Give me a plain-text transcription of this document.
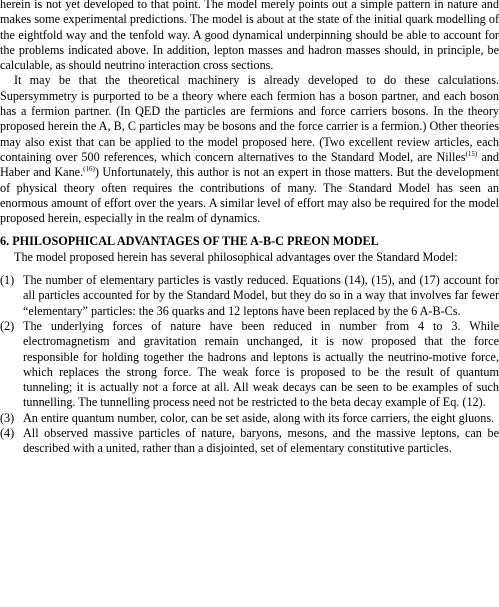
herein is not yet developed to that point. The model merely points out a simple pattern in nature and makes some experimental predictions. The model is about at the state of the initial quark modelling of the eightfold way and the tenfold way. A good dynamical underpinning should be able to account for the problems indicated above. In addition, lepton masses and hadron masses should, in principle, be calculable, as should neutrino interaction cross sections.

It may be that the theoretical machinery is already developed to do these calculations. Supersymmetry is purported to be a theory where each fermion has a boson partner, and each boson has a fermion partner. (In QED the particles are fermions and force carriers bosons. In the theory proposed herein the A, B, C particles may be bosons and the force carrier is a fermion.) Other theories may also exist that can be applied to the model proposed here. (Two excellent review articles, each containing over 500 references, which concern alternatives to the Standard Model, are Nilles$^{(15)}$ and Haber and Kane.$^{(16)}$) Unfortunately, this author is not an expert in those matters. But the development of physical theory often requires the contributions of many. The Standard Model has seen an enormous amount of effort over the years. A similar level of effort may also be required for the model proposed herein, especially in the realm of dynamics.

6. PHILOSOPHICAL ADVANTAGES OF THE A-B-C PREON MODEL

The model proposed herein has several philosophical advantages over the Standard Model:

(1) The number of elementary particles is vastly reduced. Equations (14), (15), and (17) account for all particles accounted for by the Standard Model, but they do so in a way that involves far fewer “elementary” particles: the 36 quarks and 12 leptons have been replaced by the 6 A-B-Cs.
(2) The underlying forces of nature have been reduced in number from 4 to 3. While electromagnetism and gravitation remain unchanged, it is now proposed that the force responsible for holding together the hadrons and leptons is actually the neutrino-motive force, which replaces the strong force. The weak force is proposed to be the result of quantum tunneling; it is actually not a force at all. All weak decays can be seen to be examples of such tunnelling. The tunnelling process need not be restricted to the beta decay example of Eq. (12).
(3) An entire quantum number, color, can be set aside, along with its force carriers, the eight gluons.
(4) All observed massive particles of nature, baryons, mesons, and the massive leptons, can be described with a united, rather than a disjointed, set of elementary constitutive particles.
